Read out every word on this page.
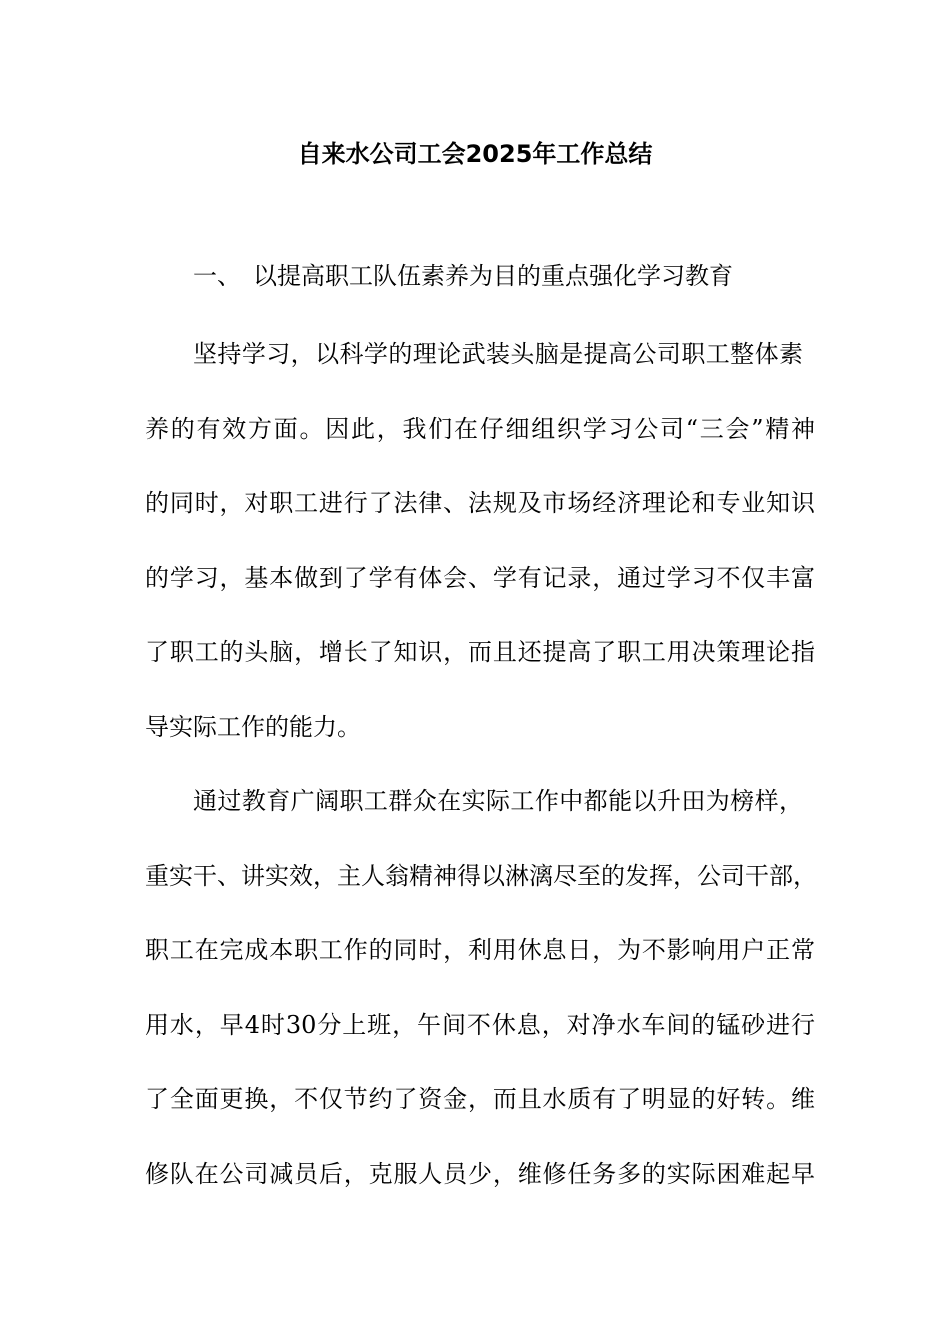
自来水公司工会2025年工作总结
一、 以提高职工队伍素养为目的重点强化学习教育
坚持学习，以科学的理论武装头脑是提高公司职工整体素
养的有效方面。因此，我们在仔细组织学习公司“三会”精神
的同时，对职工进行了法律、法规及市场经济理论和专业知识
的学习，基本做到了学有体会、学有记录，通过学习不仅丰富
了职工的头脑，增长了知识，而且还提高了职工用决策理论指
导实际工作的能力。
通过教育广阔职工群众在实际工作中都能以升田为榜样，
重实干、讲实效，主人翁精神得以淋漓尽至的发挥，公司干部，
职工在完成本职工作的同时，利用休息日，为不影响用户正常
用水，早4时30分上班，午间不休息，对净水车间的锰砂进行
了全面更换，不仅节约了资金，而且水质有了明显的好转。维
修队在公司减员后，克服人员少，维修任务多的实际困难起早
